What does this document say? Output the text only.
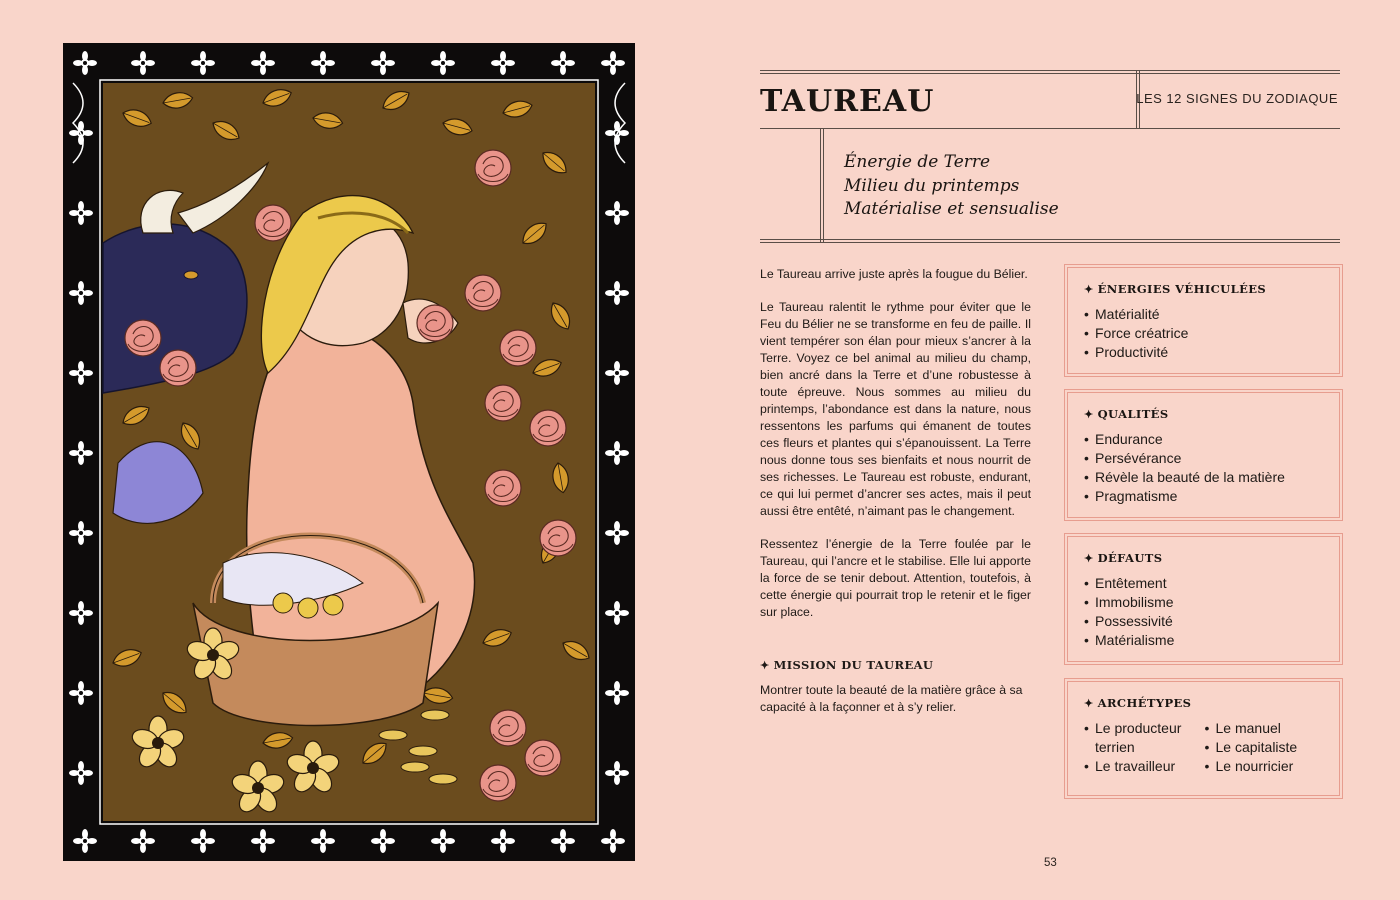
TAUREAU	LES 12 SIGNES DU ZODIAQUE
Énergie de Terre
Milieu du printemps
Matérialise et sensualise

Le Taureau arrive juste après la fougue du Bélier.

Le Taureau ralentit le rythme pour éviter que le Feu du Bélier ne se transforme en feu de paille. Il vient tempérer son élan pour mieux s’ancrer à la Terre. Voyez ce bel animal au milieu du champ, bien ancré dans la Terre et d’une robustesse à toute épreuve. Nous sommes au milieu du printemps, l’abondance est dans la nature, nous ressentons les parfums qui émanent de toutes ces fleurs et plantes qui s’épanouissent. La Terre nous donne tous ses bienfaits et nous nourrit de ses richesses. Le Taureau est robuste, endurant, ce qui lui permet d’ancrer ses actes, mais il peut aussi être entêté, n’aimant pas le changement.

Ressentez l’énergie de la Terre foulée par le Taureau, qui l’ancre et le stabilise. Elle lui apporte la force de se tenir debout. Attention, toutefois, à cette énergie qui pourrait trop le retenir et le figer sur place.

✦ MISSION DU TAUREAU

Montrer toute la beauté de la matière grâce à sa capacité à la façonner et à s’y relier.

✦ ÉNERGIES VÉHICULÉES
• Matérialité
• Force créatrice
• Productivité
✦ QUALITÉS
• Endurance
• Persévérance
• Révèle la beauté de la matière
• Pragmatisme
✦ DÉFAUTS
• Entêtement
• Immobilisme
• Possessivité
• Matérialisme
✦ ARCHÉTYPES
• Le producteur terrien
• Le travailleur
• Le manuel
• Le capitaliste
• Le nourricier
53
